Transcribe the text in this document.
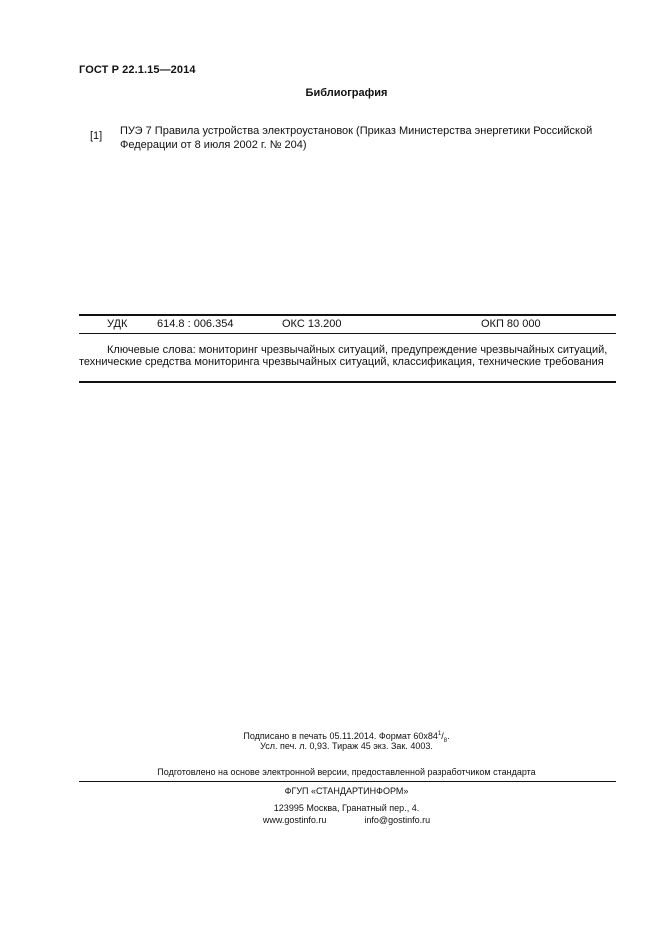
ГОСТ Р 22.1.15—2014
Библиография
[1] ПУЭ 7 Правила устройства электроустановок (Приказ Министерства энергетики Российской Федерации от 8 июля 2002 г. № 204)
УДК	614.8 : 006.354	ОКС 13.200	ОКП 80 000
Ключевые слова: мониторинг чрезвычайных ситуаций, предупреждение чрезвычайных ситуаций,
технические средства мониторинга чрезвычайных ситуаций, классификация, технические требования
Подписано в печать 05.11.2014. Формат $60x84^1/_8$.
Усл. печ. л. 0,93. Тираж 45 экз. Зак. 4003.
Подготовлено на основе электронной версии, предоставленной разработчиком стандарта
ФГУП «СТАНДАРТИНФОРМ»
123995 Москва, Гранатный пер., 4.
www.gostinfo.ru	info@gostinfo.ru
